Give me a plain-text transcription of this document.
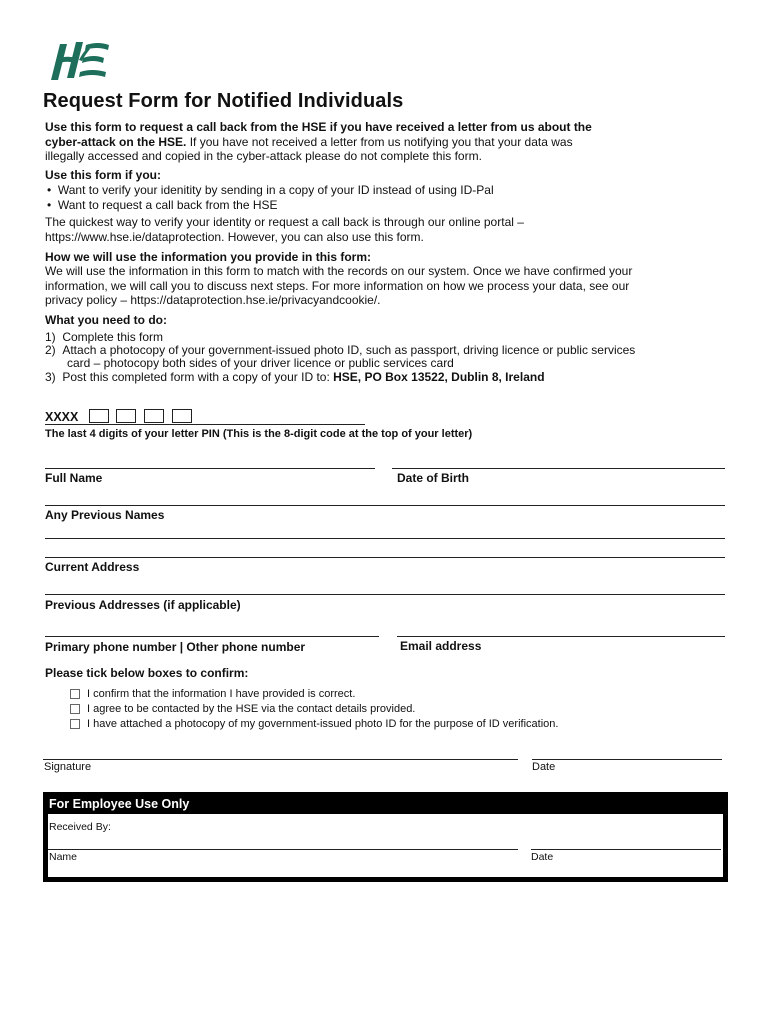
Request Form for Notified Individuals
Use this form to request a call back from the HSE if you have received a letter from us about the
cyber-attack on the HSE. If you have not received a letter from us notifying you that your data was
illegally accessed and copied in the cyber-attack please do not complete this form.
Use this form if you:
•  Want to verify your idenitity by sending in a copy of your ID instead of using ID-Pal
•  Want to request a call back from the HSE
The quickest way to verify your identity or request a call back is through our online portal –
https://www.hse.ie/dataprotection. However, you can also use this form.
How we will use the information you provide in this form:
We will use the information in this form to match with the records on our system. Once we have confirmed your
information, we will call you to discuss next steps. For more information on how we process your data, see our
privacy policy – https://dataprotection.hse.ie/privacyandcookie/.
What you need to do:
1) Complete this form
2) Attach a photocopy of your government-issued photo ID, such as passport, driving licence or public services
card – photocopy both sides of your driver licence or public services card
3) Post this completed form with a copy of your ID to: HSE, PO Box 13522, Dublin 8, Ireland
XXXX
The last 4 digits of your letter PIN (This is the 8-digit code at the top of your letter)
Full Name	Date of Birth
Any Previous Names
Current Address
Previous Addresses (if applicable)
Primary phone number | Other phone number	Email address
Please tick below boxes to confirm:
I confirm that the information I have provided is correct.
I agree to be contacted by the HSE via the contact details provided.
I have attached a photocopy of my government-issued photo ID for the purpose of ID verification.
Signature	Date
For Employee Use Only
Received By:
Name	Date
